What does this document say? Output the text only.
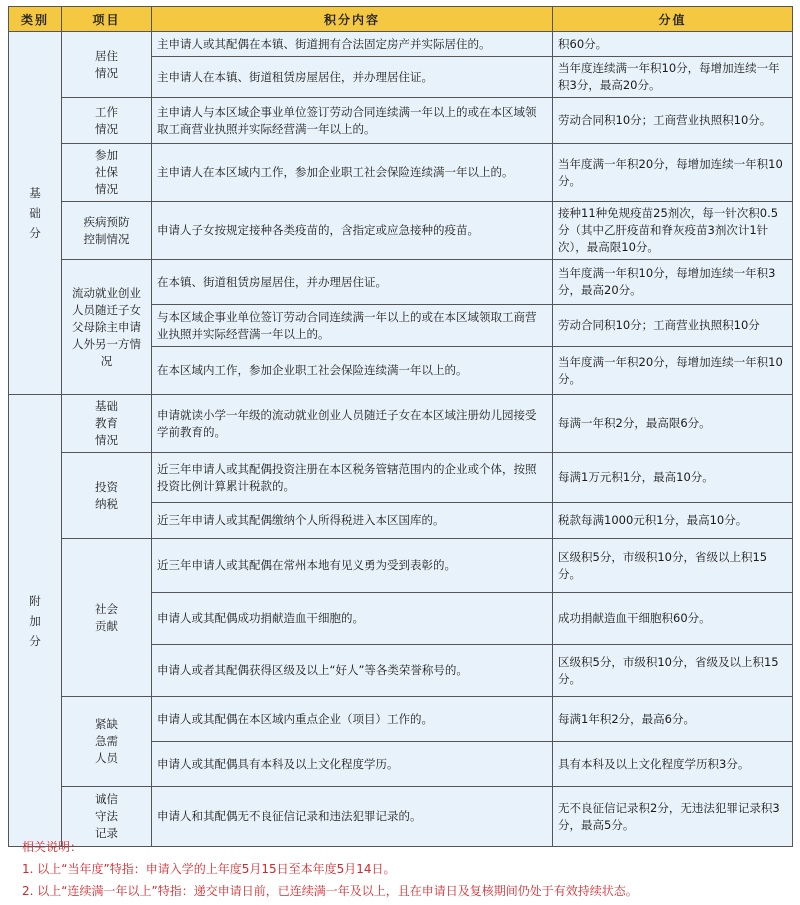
类别	项目	积分内容	分值
基础分	居住情况	主申请人或其配偶在本镇、街道拥有合法固定房产并实际居住的。	积60分。
		主申请人在本镇、街道租赁房屋居住，并办理居住证。	当年度连续满一年积10分，每增加连续一年积3分，最高20分。
	工作情况	主申请人与本区域企事业单位签订劳动合同连续满一年以上的或在本区域领取工商营业执照并实际经营满一年以上的。	劳动合同积10分；工商营业执照积10分。
	参加社保情况	主申请人在本区域内工作，参加企业职工社会保险连续满一年以上的。	当年度满一年积20分，每增加连续一年积10分。
	疾病预防控制情况	申请人子女按规定接种各类疫苗的，含指定或应急接种的疫苗。	接种11种免规疫苗25剂次，每一针次积0.5分（其中乙肝疫苗和脊灰疫苗3剂次计1针次），最高限10分。
	流动就业创业人员随迁子女父母除主申请人外另一方情况	在本镇、街道租赁房屋居住，并办理居住证。	当年度满一年积10分，每增加连续一年积3分，最高20分。
		与本区域企事业单位签订劳动合同连续满一年以上的或在本区域领取工商营业执照并实际经营满一年以上的。	劳动合同积10分；工商营业执照积10分
		在本区域内工作，参加企业职工社会保险连续满一年以上的。	当年度满一年积20分，每增加连续一年积10分。
附加分	基础教育情况	申请就读小学一年级的流动就业创业人员随迁子女在本区域注册幼儿园接受学前教育的。	每满一年积2分，最高限6分。
	投资纳税	近三年申请人或其配偶投资注册在本区税务管辖范围内的企业或个体，按照投资比例计算累计税款的。	每满1万元积1分，最高10分。
		近三年申请人或其配偶缴纳个人所得税进入本区国库的。	税款每满1000元积1分，最高10分。
	社会贡献	近三年申请人或其配偶在常州本地有见义勇为受到表彰的。	区级积5分，市级积10分，省级以上积15分。
		申请人或其配偶成功捐献造血干细胞的。	成功捐献造血干细胞积60分。
		申请人或者其配偶获得区级及以上“好人”等各类荣誉称号的。	区级积5分，市级积10分，省级及以上积15分。
	紧缺急需人员	申请人或其配偶在本区域内重点企业（项目）工作的。	每满1年积2分，最高6分。
		申请人或其配偶具有本科及以上文化程度学历。	具有本科及以上文化程度学历积3分。
	诚信守法记录	申请人和其配偶无不良征信记录和违法犯罪记录的。	无不良征信记录积2分，无违法犯罪记录积3分，最高5分。
相关说明：
1. 以上“当年度”特指：申请入学的上年度5月15日至本年度5月14日。
2. 以上“连续满一年以上”特指：递交申请日前，已连续满一年及以上，且在申请日及复核期间仍处于有效持续状态。
